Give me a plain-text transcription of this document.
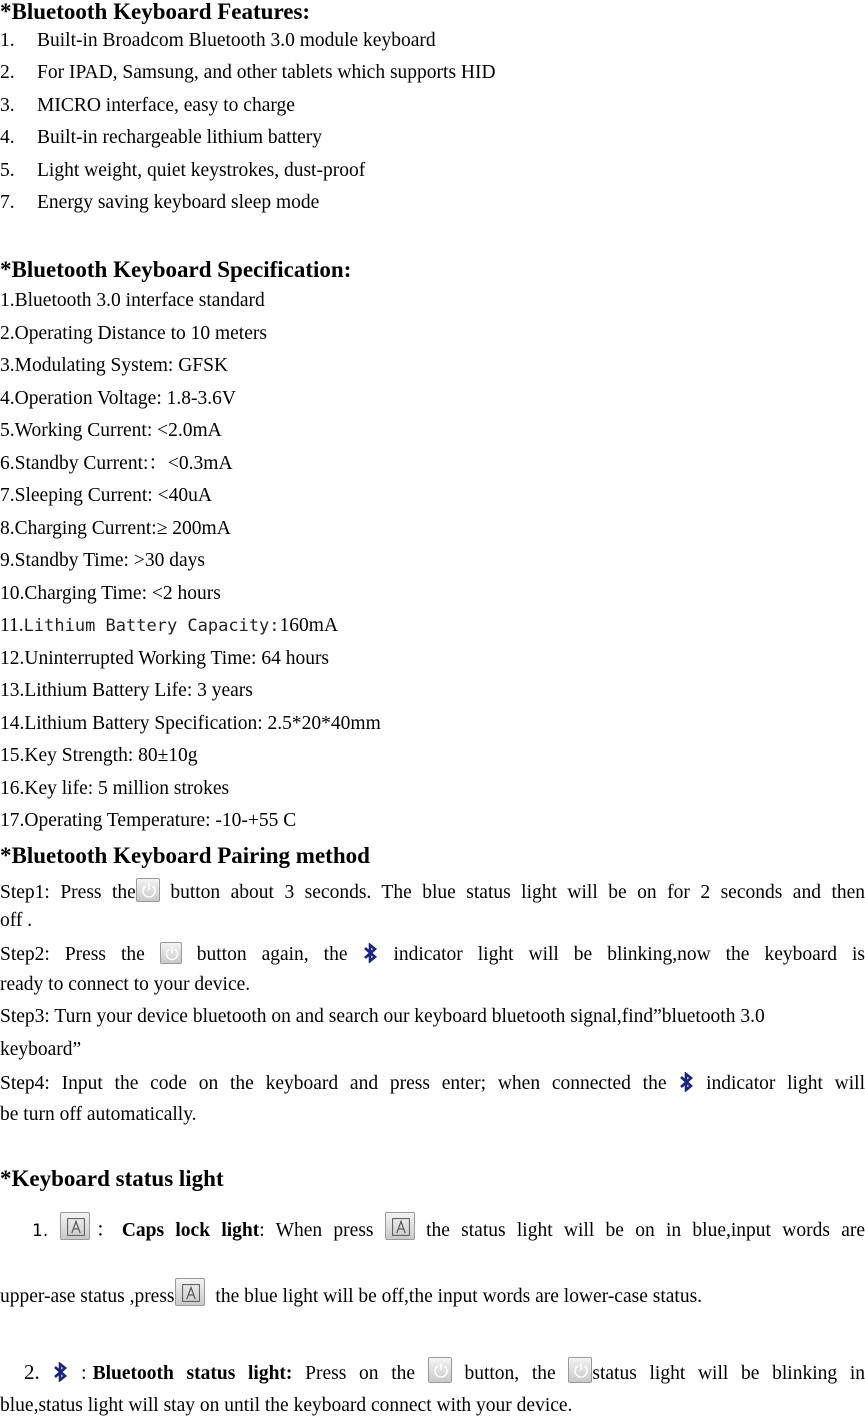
*Bluetooth Keyboard Features:
1. Built-in Broadcom Bluetooth 3.0 module keyboard
2. For IPAD, Samsung, and other tablets which supports HID
3. MICRO interface, easy to charge
4. Built-in rechargeable lithium battery
5. Light weight, quiet keystrokes, dust-proof
7. Energy saving keyboard sleep mode
*Bluetooth Keyboard Specification:
1.Bluetooth 3.0 interface standard
2.Operating Distance to 10 meters
3.Modulating System: GFSK
4.Operation Voltage: 1.8-3.6V
5.Working Current: <2.0mA
6.Standby Current:：<0.3mA
7.Sleeping Current: <40uA
8.Charging Current:≥ 200mA
9.Standby Time: >30 days
10.Charging Time: <2 hours
11.Lithium Battery Capacity:160mA
12.Uninterrupted Working Time: 64 hours
13.Lithium Battery Life: 3 years
14.Lithium Battery Specification: 2.5*20*40mm
15.Key Strength: 80±10g
16.Key life: 5 million strokes
17.Operating Temperature: -10-+55 C
*Bluetooth Keyboard Pairing method
Step1: Press the button about 3 seconds. The blue status light will be on for 2 seconds and then
off .
Step2: Press the	button again, the indicator light will be blinking,now the keyboard is
ready to connect to your device.
Step3: Turn your device bluetooth on and search our keyboard bluetooth signal,find”bluetooth 3.0
keyboard”
Step4: Input the code on the keyboard and press enter; when connected the indicator light will
be turn off automatically.
*Keyboard status light
1. ：Caps lock light: When press	the status light will be on in blue,input words are
upper-ase status ,press the blue light will be off,the input words are lower-case status.
2. : Bluetooth status light: Press on the	button, the status light will be blinking in
blue,status light will stay on until the keyboard connect with your device.
